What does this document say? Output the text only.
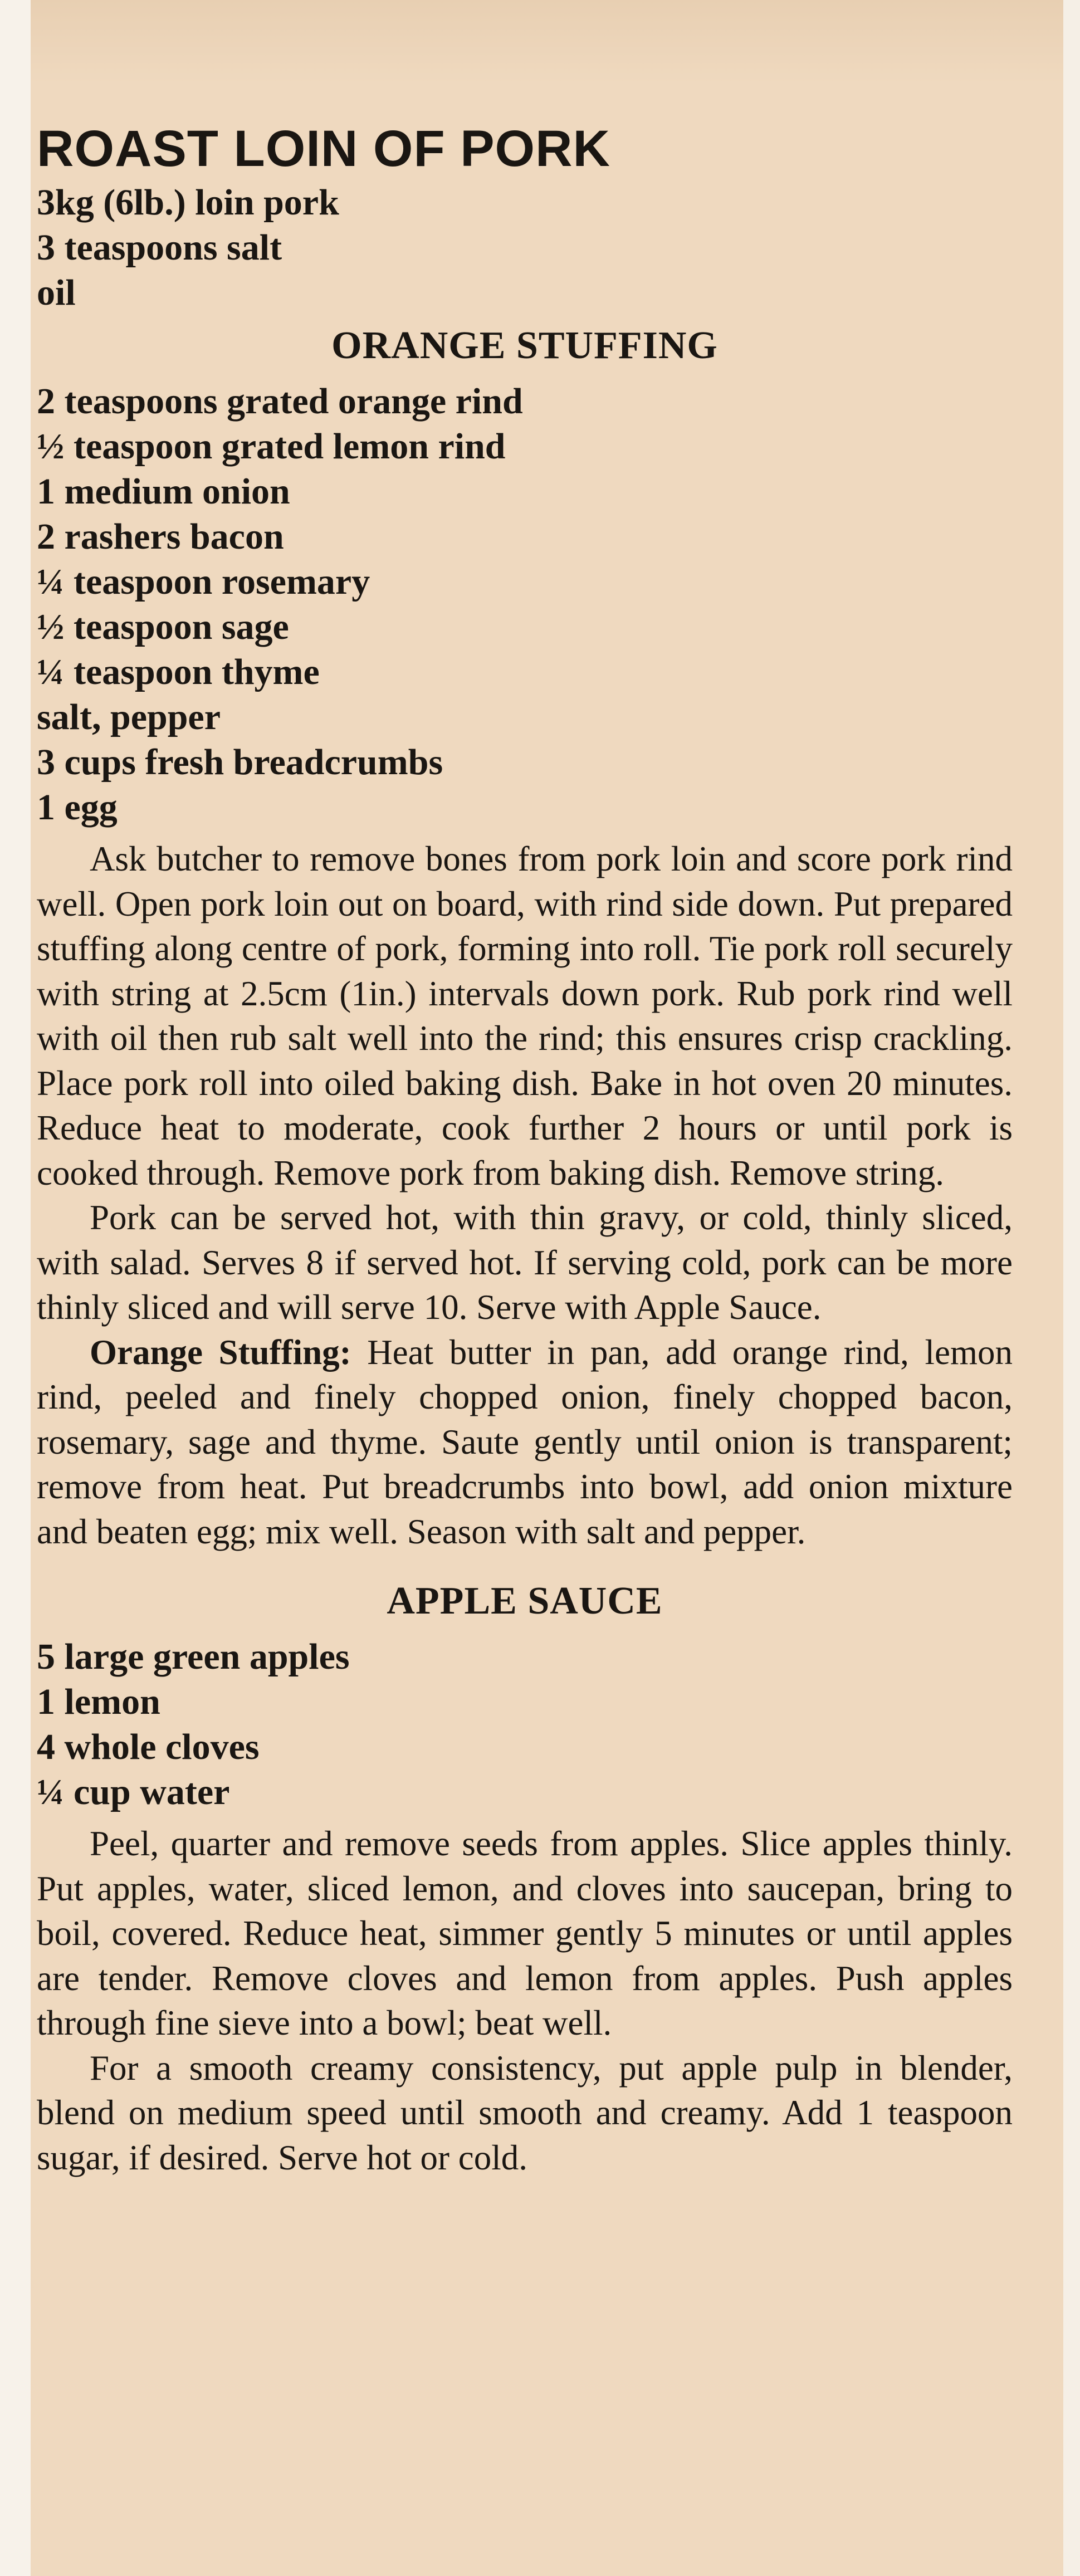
ROAST LOIN OF PORK
3kg (6lb.) loin pork
3 teaspoons salt
oil
ORANGE STUFFING
2 teaspoons grated orange rind
½ teaspoon grated lemon rind
1 medium onion
2 rashers bacon
¼ teaspoon rosemary
½ teaspoon sage
¼ teaspoon thyme
salt, pepper
3 cups fresh breadcrumbs
1 egg

Ask butcher to remove bones from pork loin and score pork rind well. Open pork loin out on board, with rind side down. Put prepared stuffing along centre of pork, forming into roll. Tie pork roll securely with string at 2.5cm (1in.) intervals down pork. Rub pork rind well with oil then rub salt well into the rind; this ensures crisp crackling. Place pork roll into oiled baking dish. Bake in hot oven 20 minutes. Reduce heat to moderate, cook further 2 hours or until pork is cooked through. Remove pork from baking dish. Remove string.

Pork can be served hot, with thin gravy, or cold, thinly sliced, with salad. Serves 8 if served hot. If serving cold, pork can be more thinly sliced and will serve 10. Serve with Apple Sauce.

Orange Stuffing: Heat butter in pan, add orange rind, lemon rind, peeled and finely chopped onion, finely chopped bacon, rosemary, sage and thyme. Saute gently until onion is transparent; remove from heat. Put breadcrumbs into bowl, add onion mixture and beaten egg; mix well. Season with salt and pepper.

APPLE SAUCE
5 large green apples
1 lemon
4 whole cloves
¼ cup water

Peel, quarter and remove seeds from apples. Slice apples thinly. Put apples, water, sliced lemon, and cloves into saucepan, bring to boil, covered. Reduce heat, simmer gently 5 minutes or until apples are tender. Remove cloves and lemon from apples. Push apples through fine sieve into a bowl; beat well.

For a smooth creamy consistency, put apple pulp in blender, blend on medium speed until smooth and creamy. Add 1 teaspoon sugar, if desired. Serve hot or cold.
